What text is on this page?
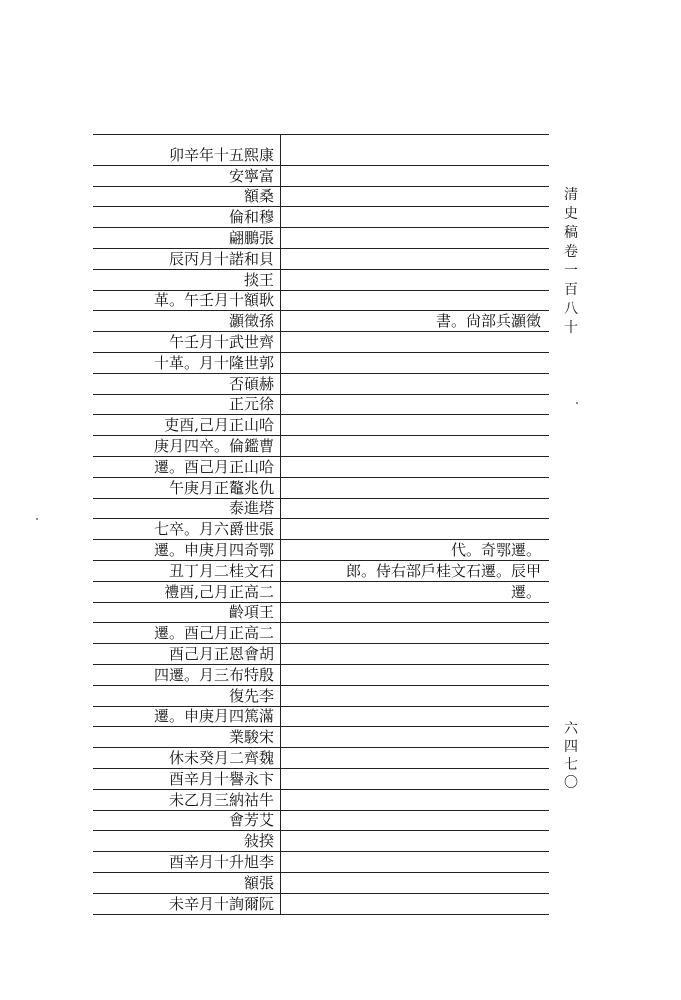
卯辛年十五熙康
安寧富
額桑
倫和穆
翩鵬張
辰丙月十諾和貝
掞王
革。午壬月十額耿
灝徵孫	書。尙部兵灝徵
午壬月十武世齊
十革。月十隆世郭
否碩赫
正元徐
吏酉,己月正山哈
庚月四卒。倫鑑曹
遷。酉己月正山哈
午庚月正鼇兆仇
泰進塔
七卒。月六爵世張
遷。申庚月四奇鄂	代。奇鄂遷。
丑丁月二桂文石	郎。侍右部戶桂文石遷。辰甲
禮酉,己月正高二	遷。
齡項王
遷。酉己月正高二
酉己月正恩會胡
四遷。月三布特殷
復先李
遷。申庚月四篤滿
業駿宋
休未癸月二齊魏
酉辛月十譽永卞
未乙月三納祜牛
會芳艾
敍揆
酉辛月十升旭李
額張
未辛月十詢爾阮
清史稿卷一百八十
六四七〇
